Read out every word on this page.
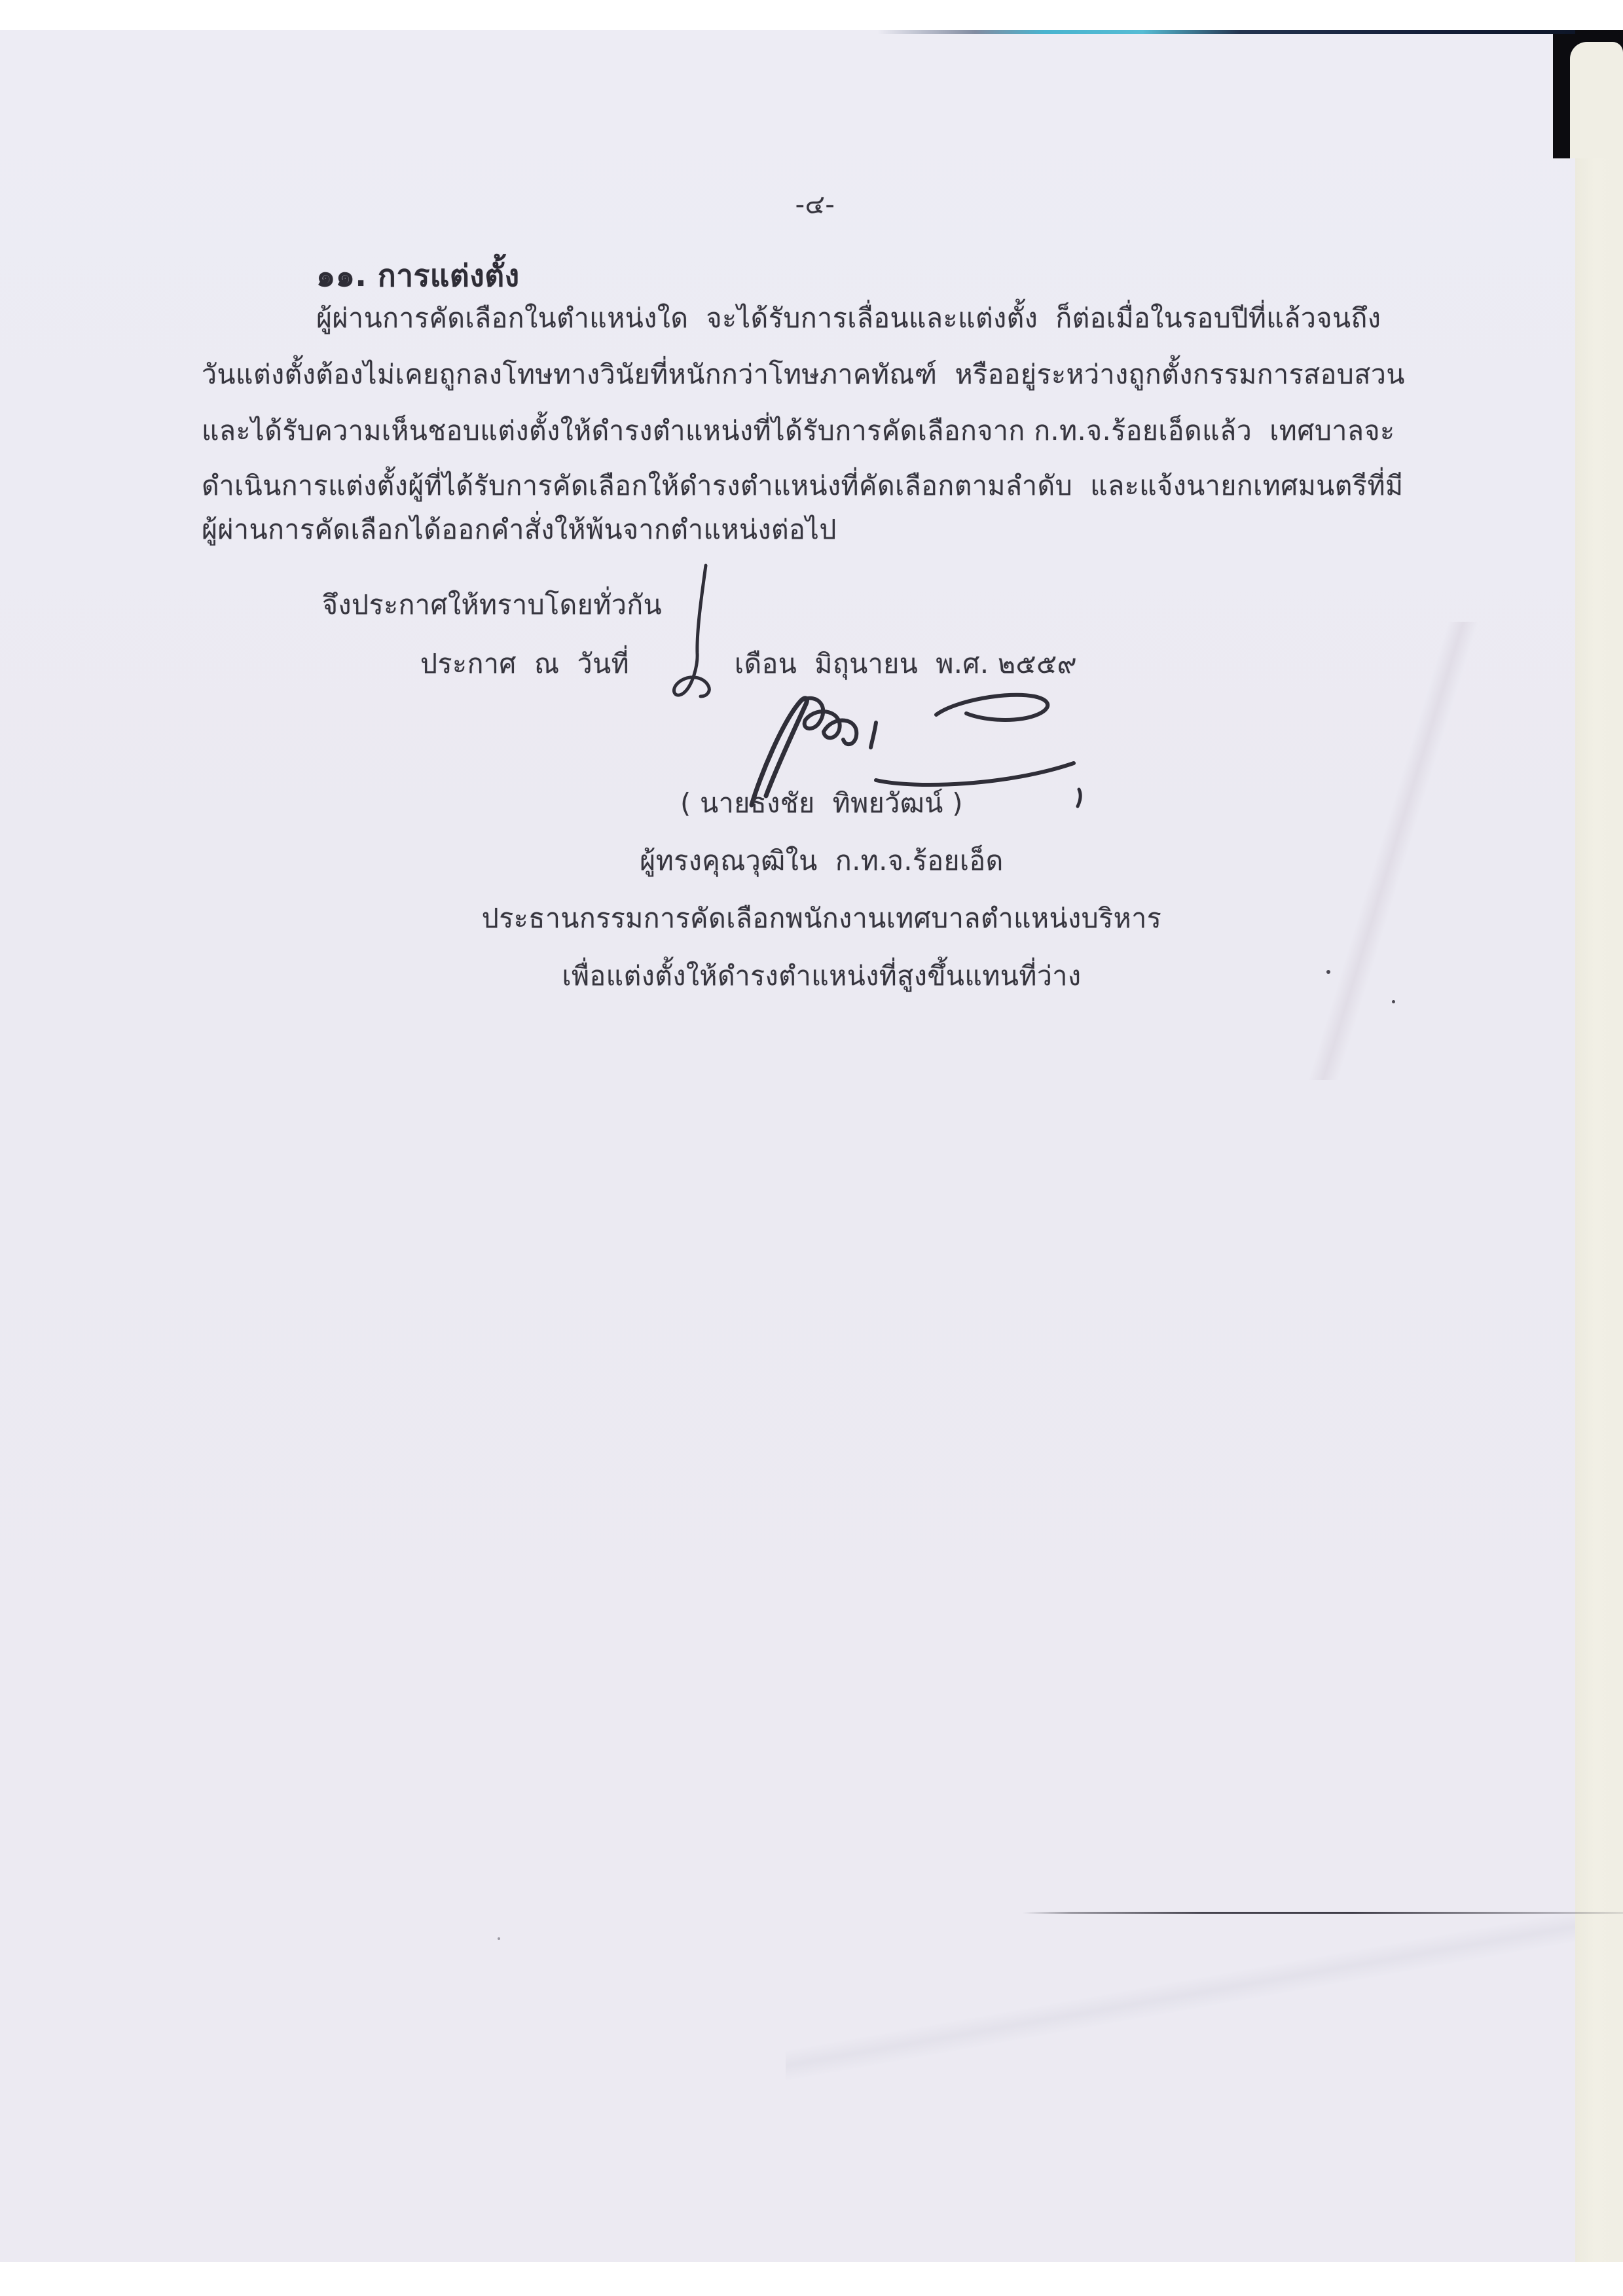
-๔-
๑๑. การแต่งตั้ง
ผู้ผ่านการคัดเลือกในตำแหน่งใด  จะได้รับการเลื่อนและแต่งตั้ง  ก็ต่อเมื่อในรอบปีที่แล้วจนถึง
วันแต่งตั้งต้องไม่เคยถูกลงโทษทางวินัยที่หนักกว่าโทษภาคทัณฑ์  หรืออยู่ระหว่างถูกตั้งกรรมการสอบสวน
และได้รับความเห็นชอบแต่งตั้งให้ดำรงตำแหน่งที่ได้รับการคัดเลือกจาก ก.ท.จ.ร้อยเอ็ดแล้ว  เทศบาลจะ
ดำเนินการแต่งตั้งผู้ที่ได้รับการคัดเลือกให้ดำรงตำแหน่งที่คัดเลือกตามลำดับ  และแจ้งนายกเทศมนตรีที่มี
ผู้ผ่านการคัดเลือกได้ออกคำสั่งให้พ้นจากตำแหน่งต่อไป
จึงประกาศให้ทราบโดยทั่วกัน
ประกาศ  ณ  วันที่	เดือน  มิถุนายน  พ.ศ. ๒๕๕๙
( นายธงชัย  ทิพยวัฒน์ )
ผู้ทรงคุณวุฒิใน  ก.ท.จ.ร้อยเอ็ด
ประธานกรรมการคัดเลือกพนักงานเทศบาลตำแหน่งบริหาร
เพื่อแต่งตั้งให้ดำรงตำแหน่งที่สูงขึ้นแทนที่ว่าง
